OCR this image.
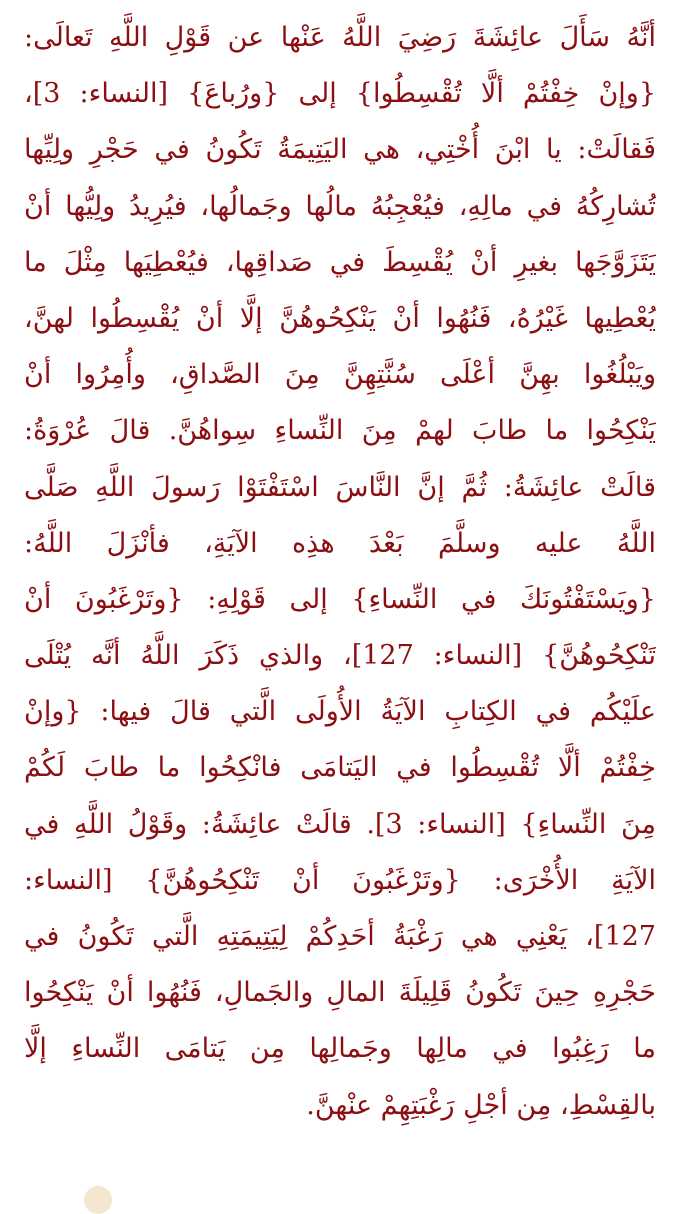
أنَّهُ سَأَلَ عائِشَةَ رَضِيَ اللَّهُ عَنْها عن قَوْلِ اللَّهِ تَعالَى:
{وإنْ خِفْتُمْ ألَّا تُقْسِطُوا} إلى {ورُباعَ} [النساء: 3]،
فَقالَتْ: يا ابْنَ أُخْتِي، هي اليَتِيمَةُ تَكُونُ في حَجْرِ ولِيِّها
تُشارِكُهُ في مالِهِ، فيُعْجِبُهُ مالُها وجَمالُها، فيُرِيدُ ولِيُّها أنْ
يَتَزَوَّجَها بغيرِ أنْ يُقْسِطَ في صَداقِها، فيُعْطِيَها مِثْلَ ما
يُعْطِيها غَيْرُهُ، فَنُهُوا أنْ يَنْكِحُوهُنَّ إلَّا أنْ يُقْسِطُوا لهنَّ،
ويَبْلُغُوا بهِنَّ أعْلَى سُنَّتِهِنَّ مِنَ الصَّداقِ، وأُمِرُوا أنْ
يَنْكِحُوا ما طابَ لهمْ مِنَ النِّساءِ سِواهُنَّ. قالَ عُرْوَةُ:
قالَتْ عائِشَةُ: ثُمَّ إنَّ النَّاسَ اسْتَفْتَوْا رَسولَ اللَّهِ صَلَّى
اللَّهُ عليه وسلَّمَ بَعْدَ هذِه الآيَةِ، فأنْزَلَ اللَّهُ:
{ويَسْتَفْتُونَكَ في النِّساءِ} إلى قَوْلِهِ: {وتَرْغَبُونَ أنْ
تَنْكِحُوهُنَّ} [النساء: 127]، والذي ذَكَرَ اللَّهُ أنَّه يُتْلَى
علَيْكُم في الكِتابِ الآيَةُ الأُولَى الَّتي قالَ فيها: {وإنْ
خِفْتُمْ ألَّا تُقْسِطُوا في اليَتامَى فانْكِحُوا ما طابَ لَكُمْ
مِنَ النِّساءِ} [النساء: 3]. قالَتْ عائِشَةُ: وقَوْلُ اللَّهِ في
الآيَةِ الأُخْرَى: {وتَرْغَبُونَ أنْ تَنْكِحُوهُنَّ} [النساء:
127]، يَعْنِي هي رَغْبَةُ أحَدِكُمْ لِيَتِيمَتِهِ الَّتي تَكُونُ في
حَجْرِهِ حِينَ تَكُونُ قَلِيلَةَ المالِ والجَمالِ، فَنُهُوا أنْ يَنْكِحُوا
ما رَغِبُوا في مالِها وجَمالِها مِن يَتامَى النِّساءِ إلَّا
بالقِسْطِ، مِن أجْلِ رَغْبَتِهِمْ عنْهنَّ.
